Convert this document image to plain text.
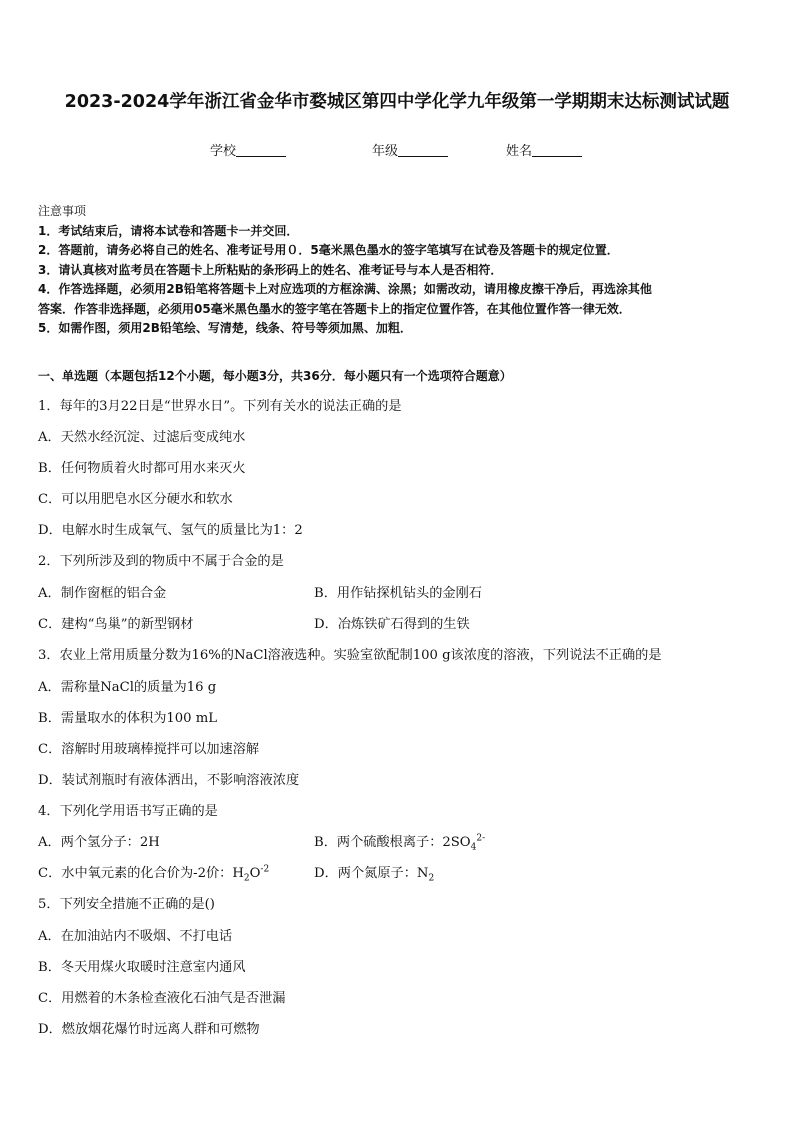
2023-2024学年浙江省金华市婺城区第四中学化学九年级第一学期期末达标测试试题
学校	年级	姓名
注意事项
1．考试结束后，请将本试卷和答题卡一并交回．
2．答题前，请务必将自己的姓名、准考证号用０．5毫米黑色墨水的签字笔填写在试卷及答题卡的规定位置．
3．请认真核对监考员在答题卡上所粘贴的条形码上的姓名、准考证号与本人是否相符．
4．作答选择题，必须用2B铅笔将答题卡上对应选项的方框涂满、涂黑；如需改动，请用橡皮擦干净后，再选涂其他
答案．作答非选择题，必须用05毫米黑色墨水的签字笔在答题卡上的指定位置作答，在其他位置作答一律无效．
5．如需作图，须用2B铅笔绘、写清楚，线条、符号等须加黑、加粗．
一、单选题（本题包括12个小题，每小题3分，共36分．每小题只有一个选项符合题意）
1．每年的3月22日是“世界水日”。下列有关水的说法正确的是
A．天然水经沉淀、过滤后变成纯水
B．任何物质着火时都可用水来灭火
C．可以用肥皂水区分硬水和软水
D．电解水时生成氧气、氢气的质量比为1：2
2．下列所涉及到的物质中不属于合金的是
A．制作窗框的铝合金	B．用作钻探机钻头的金刚石
C．建构“鸟巢”的新型钢材	D．冶炼铁矿石得到的生铁
3．农业上常用质量分数为16%的NaCl溶液选种。实验室欲配制100 g该浓度的溶液，下列说法不正确的是
A．需称量NaCl的质量为16 g
B．需量取水的体积为100 mL
C．溶解时用玻璃棒搅拌可以加速溶解
D．装试剂瓶时有液体洒出，不影响溶液浓度
4．下列化学用语书写正确的是
A．两个氢分子：2H	B．两个硫酸根离子：$2SO_4^{2-}$
C．水中氧元素的化合价为-2价：$H_2O^{-2}$	D．两个氮原子：$N_2$
5．下列安全措施不正确的是()
A．在加油站内不吸烟、不打电话
B．冬天用煤火取暖时注意室内通风
C．用燃着的木条检查液化石油气是否泄漏
D．燃放烟花爆竹时远离人群和可燃物
